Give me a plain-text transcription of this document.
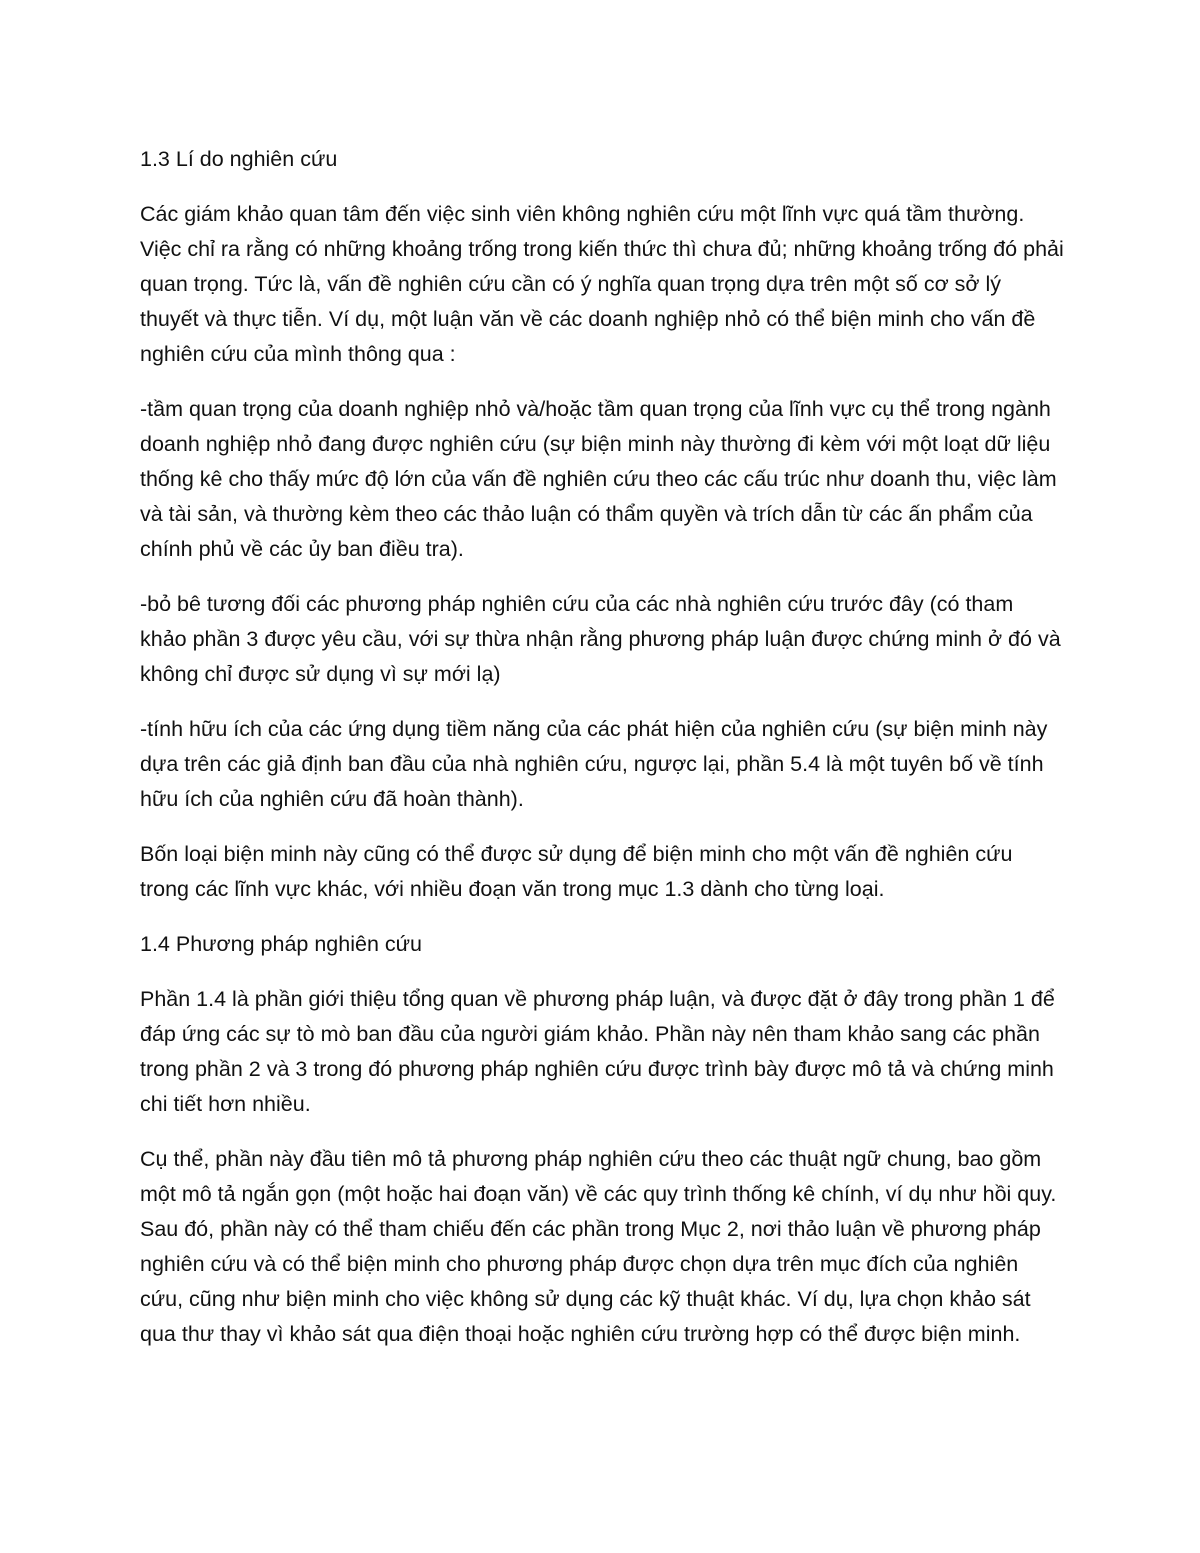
1.3 Lí do nghiên cứu

Các giám khảo quan tâm đến việc sinh viên không nghiên cứu một lĩnh vực quá tầm thường. Việc chỉ ra rằng có những khoảng trống trong kiến thức thì chưa đủ; những khoảng trống đó phải quan trọng. Tức là, vấn đề nghiên cứu cần có ý nghĩa quan trọng dựa trên một số cơ sở lý thuyết và thực tiễn. Ví dụ, một luận văn về các doanh nghiệp nhỏ có thể biện minh cho vấn đề nghiên cứu của mình thông qua :

-tầm quan trọng của doanh nghiệp nhỏ và/hoặc tầm quan trọng của lĩnh vực cụ thể trong ngành doanh nghiệp nhỏ đang được nghiên cứu (sự biện minh này thường đi kèm với một loạt dữ liệu thống kê cho thấy mức độ lớn của vấn đề nghiên cứu theo các cấu trúc như doanh thu, việc làm và tài sản, và thường kèm theo các thảo luận có thẩm quyền và trích dẫn từ các ấn phẩm của chính phủ về các ủy ban điều tra).

-bỏ bê tương đối các phương pháp nghiên cứu của các nhà nghiên cứu trước đây (có tham khảo phần 3 được yêu cầu, với sự thừa nhận rằng phương pháp luận được chứng minh ở đó và không chỉ được sử dụng vì sự mới lạ)

-tính hữu ích của các ứng dụng tiềm năng của các phát hiện của nghiên cứu (sự biện minh này dựa trên các giả định ban đầu của nhà nghiên cứu, ngược lại, phần 5.4 là một tuyên bố về tính hữu ích của nghiên cứu đã hoàn thành).

Bốn loại biện minh này cũng có thể được sử dụng để biện minh cho một vấn đề nghiên cứu trong các lĩnh vực khác, với nhiều đoạn văn trong mục 1.3 dành cho từng loại.

1.4 Phương pháp nghiên cứu

Phần 1.4 là phần giới thiệu tổng quan về phương pháp luận, và được đặt ở đây trong phần 1 để đáp ứng các sự tò mò ban đầu của người giám khảo. Phần này nên tham khảo sang các phần trong phần 2 và 3 trong đó phương pháp nghiên cứu được trình bày được mô tả và chứng minh chi tiết hơn nhiều.

Cụ thể, phần này đầu tiên mô tả phương pháp nghiên cứu theo các thuật ngữ chung, bao gồm một mô tả ngắn gọn (một hoặc hai đoạn văn) về các quy trình thống kê chính, ví dụ như hồi quy. Sau đó, phần này có thể tham chiếu đến các phần trong Mục 2, nơi thảo luận về phương pháp nghiên cứu và có thể biện minh cho phương pháp được chọn dựa trên mục đích của nghiên cứu, cũng như biện minh cho việc không sử dụng các kỹ thuật khác. Ví dụ, lựa chọn khảo sát qua thư thay vì khảo sát qua điện thoại hoặc nghiên cứu trường hợp có thể được biện minh.
